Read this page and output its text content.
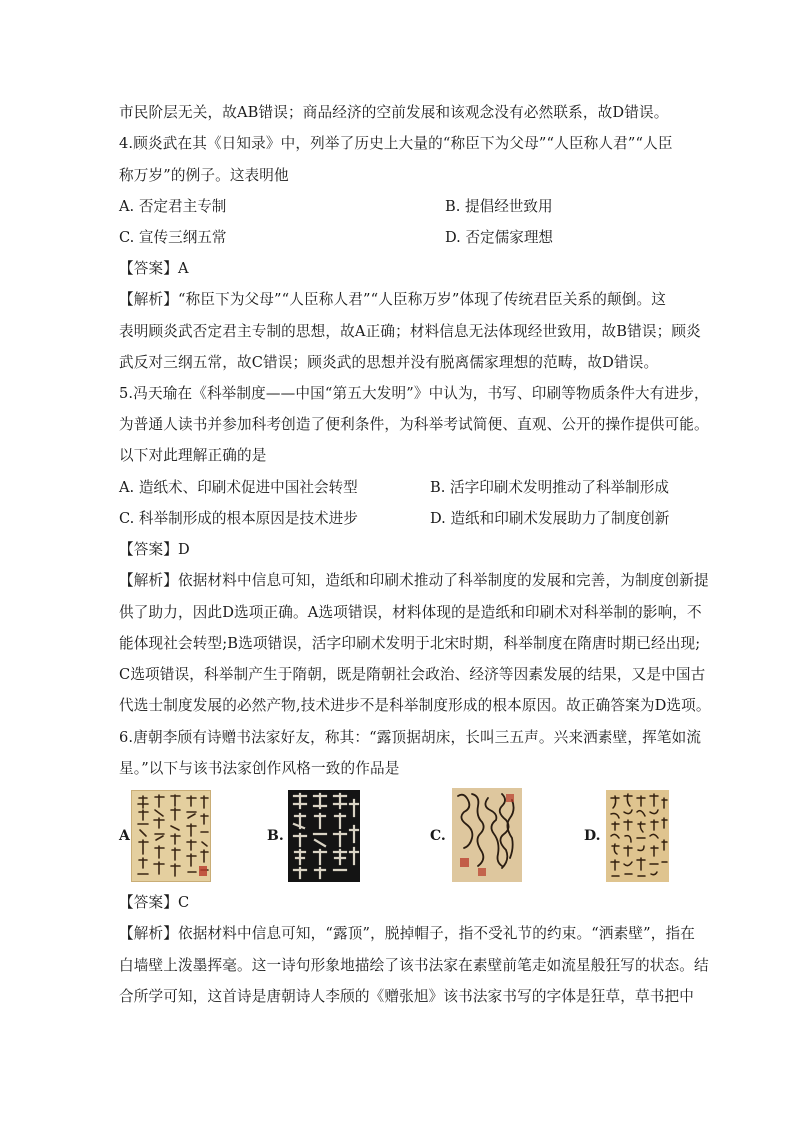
市民阶层无关，故AB错误；商品经济的空前发展和该观念没有必然联系，故D错误。
4.顾炎武在其《日知录》中，列举了历史上大量的“称臣下为父母”“人臣称人君”“人臣
称万岁”的例子。这表明他
A. 否定君主专制	B. 提倡经世致用
C. 宣传三纲五常	D. 否定儒家理想
【答案】A
【解析】“称臣下为父母”“人臣称人君”“人臣称万岁”体现了传统君臣关系的颠倒。这
表明顾炎武否定君主专制的思想，故A正确；材料信息无法体现经世致用，故B错误；顾炎
武反对三纲五常，故C错误；顾炎武的思想并没有脱离儒家理想的范畴，故D错误。
5.冯天瑜在《科举制度——中国“第五大发明”》中认为，书写、印刷等物质条件大有进步，
为普通人读书并参加科考创造了便利条件，为科举考试简便、直观、公开的操作提供可能。
以下对此理解正确的是
A. 造纸术、印刷术促进中国社会转型	B. 活字印刷术发明推动了科举制形成
C. 科举制形成的根本原因是技术进步	D. 造纸和印刷术发展助力了制度创新
【答案】D
【解析】依据材料中信息可知，造纸和印刷术推动了科举制度的发展和完善，为制度创新提
供了助力，因此D选项正确。A选项错误，材料体现的是造纸和印刷术对科举制的影响，不
能体现社会转型;B选项错误，活字印刷术发明于北宋时期，科举制度在隋唐时期已经出现;
C选项错误，科举制产生于隋朝，既是隋朝社会政治、经济等因素发展的结果，又是中国古
代选士制度发展的必然产物,技术进步不是科举制度形成的根本原因。故正确答案为D选项。
6.唐朝李颀有诗赠书法家好友，称其：“露顶据胡床，长叫三五声。兴来洒素壁，挥笔如流
星。”以下与该书法家创作风格一致的作品是
A	B.	C.	D.
【答案】C
【解析】依据材料中信息可知，“露顶”，脱掉帽子，指不受礼节的约束。“洒素壁”，指在
白墙壁上泼墨挥毫。这一诗句形象地描绘了该书法家在素壁前笔走如流星般狂写的状态。结
合所学可知，这首诗是唐朝诗人李颀的《赠张旭》该书法家书写的字体是狂草，草书把中
